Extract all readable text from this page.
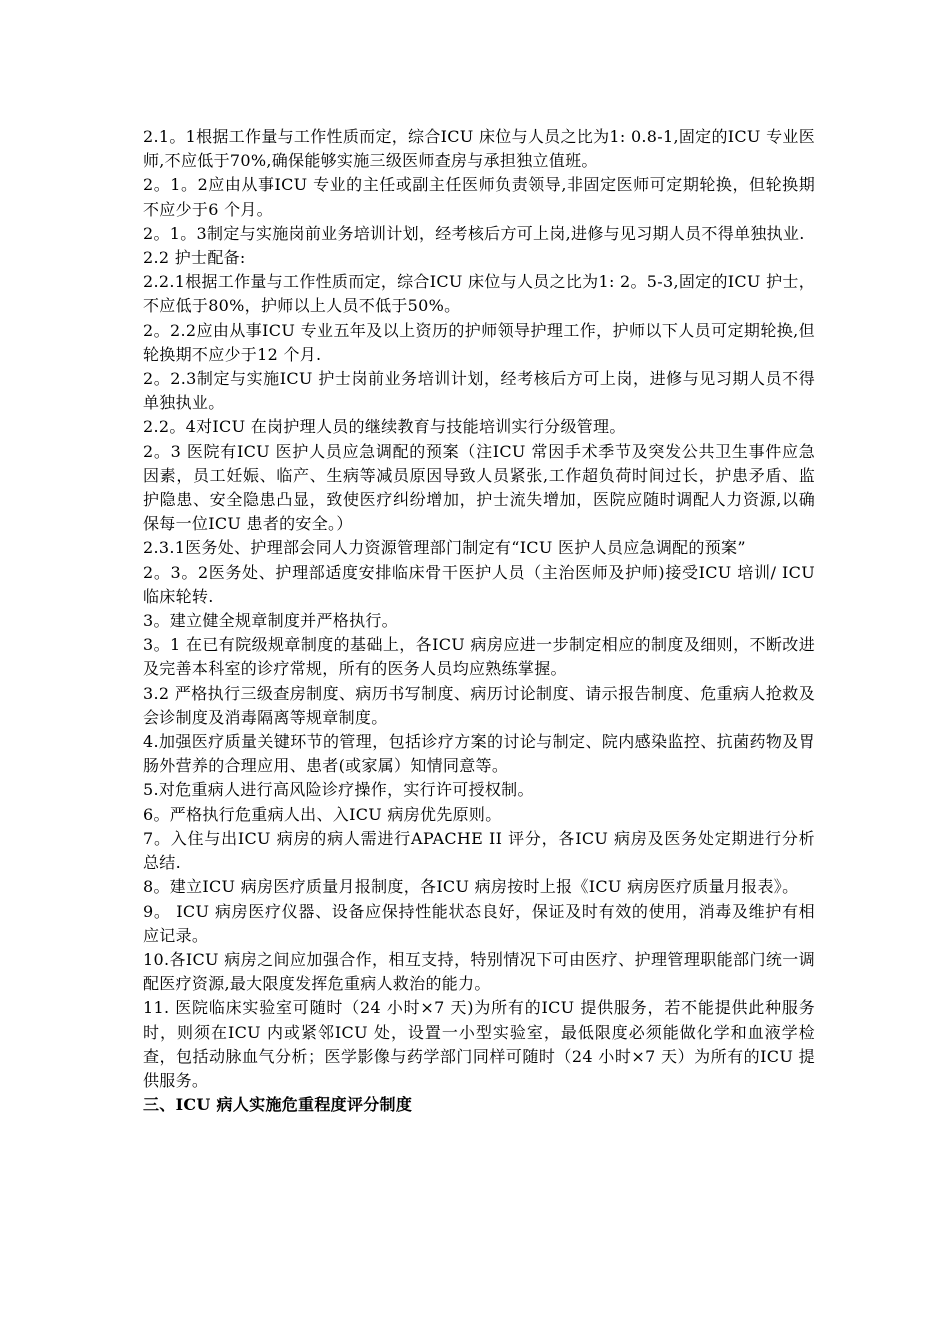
2.1。1根据工作量与工作性质而定，综合ICU 床位与人员之比为1: 0.8-1,固定的ICU 专业医师,不应低于70%,确保能够实施三级医师查房与承担独立值班。

2。1。2应由从事ICU 专业的主任或副主任医师负责领导,非固定医师可定期轮换，但轮换期不应少于6 个月。

2。1。3制定与实施岗前业务培训计划，经考核后方可上岗,进修与见习期人员不得单独执业.

2.2 护士配备:

2.2.1根据工作量与工作性质而定，综合ICU 床位与人员之比为1: 2。5-3,固定的ICU 护士，不应低于80%，护师以上人员不低于50%。

2。2.2应由从事ICU 专业五年及以上资历的护师领导护理工作，护师以下人员可定期轮换,但轮换期不应少于12 个月.

2。2.3制定与实施ICU 护士岗前业务培训计划，经考核后方可上岗，进修与见习期人员不得单独执业。

2.2。4对ICU 在岗护理人员的继续教育与技能培训实行分级管理。

2。3 医院有ICU 医护人员应急调配的预案（注ICU 常因手术季节及突发公共卫生事件应急因素，员工妊娠、临产、生病等减员原因导致人员紧张,工作超负荷时间过长，护患矛盾、监护隐患、安全隐患凸显，致使医疗纠纷增加，护士流失增加，医院应随时调配人力资源,以确保每一位ICU 患者的安全。）

2.3.1医务处、护理部会同人力资源管理部门制定有“ICU 医护人员应急调配的预案”

2。3。2医务处、护理部适度安排临床骨干医护人员（主治医师及护师)接受ICU 培训/ ICU 临床轮转.

3。建立健全规章制度并严格执行。

3。1 在已有院级规章制度的基础上，各ICU 病房应进一步制定相应的制度及细则，不断改进及完善本科室的诊疗常规，所有的医务人员均应熟练掌握。

3.2 严格执行三级查房制度、病历书写制度、病历讨论制度、请示报告制度、危重病人抢救及会诊制度及消毒隔离等规章制度。

4.加强医疗质量关键环节的管理，包括诊疗方案的讨论与制定、院内感染监控、抗菌药物及胃肠外营养的合理应用、患者(或家属）知情同意等。

5.对危重病人进行高风险诊疗操作，实行许可授权制。

6。严格执行危重病人出、入ICU 病房优先原则。

7。入住与出ICU 病房的病人需进行APACHE II 评分，各ICU 病房及医务处定期进行分析总结.

8。建立ICU 病房医疗质量月报制度，各ICU 病房按时上报《ICU 病房医疗质量月报表》。

9。 ICU 病房医疗仪器、设备应保持性能状态良好，保证及时有效的使用，消毒及维护有相应记录。

10.各ICU 病房之间应加强合作，相互支持，特别情况下可由医疗、护理管理职能部门统一调配医疗资源,最大限度发挥危重病人救治的能力。

11. 医院临床实验室可随时（24 小时×7 天)为所有的ICU 提供服务，若不能提供此种服务时，则须在ICU 内或紧邻ICU 处，设置一小型实验室，最低限度必须能做化学和血液学检查，包括动脉血气分析；医学影像与药学部门同样可随时（24 小时×7 天）为所有的ICU 提供服务。

三、ICU 病人实施危重程度评分制度
